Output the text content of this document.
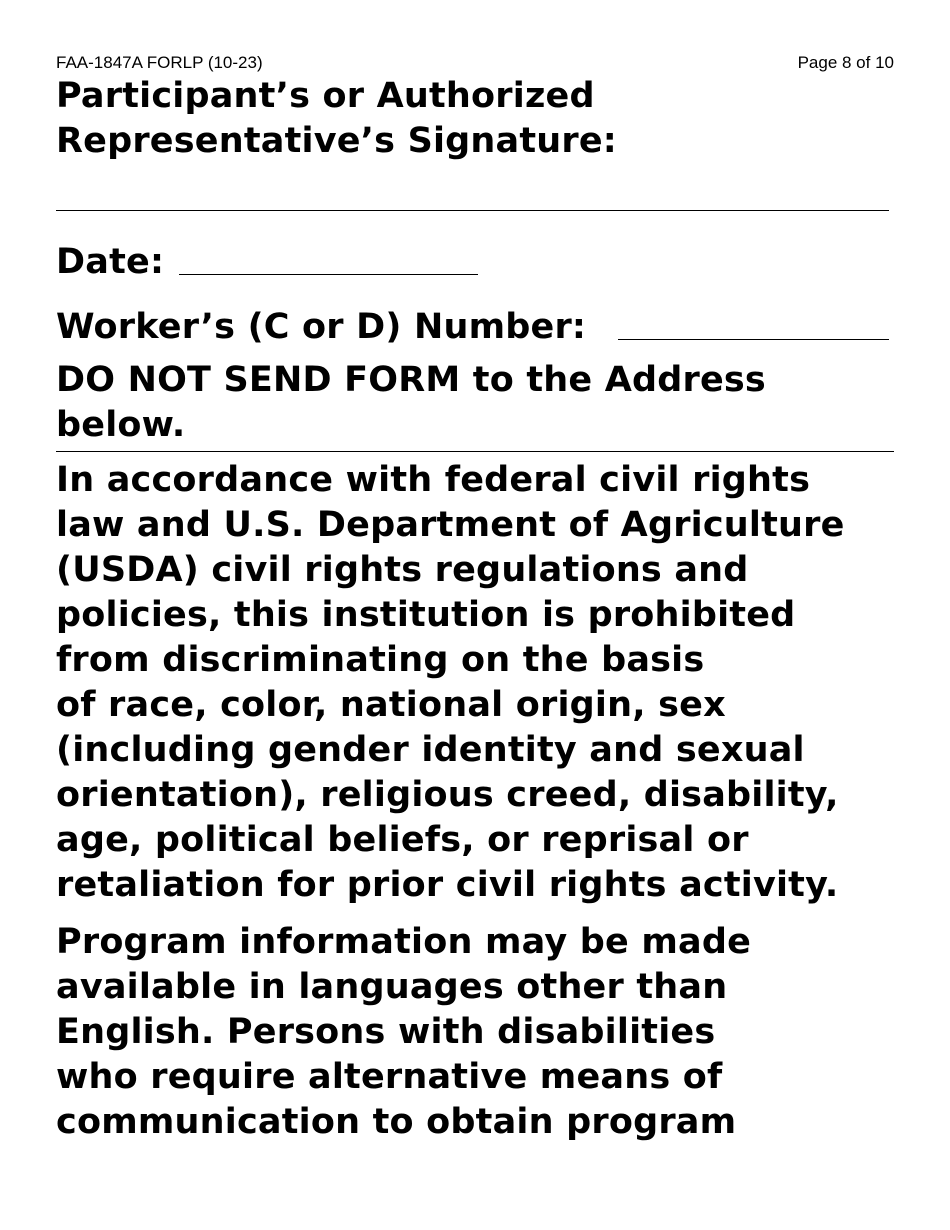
FAA-1847A FORLP (10-23)	Page 8 of 10
Participant’s or Authorized
Representative’s Signature:
Date:
Worker’s (C or D) Number:
DO NOT SEND FORM to the Address
below.
In accordance with federal civil rights
law and U.S. Department of Agriculture
(USDA) civil rights regulations and
policies, this institution is prohibited
from discriminating on the basis
of race, color, national origin, sex
(including gender identity and sexual
orientation), religious creed, disability,
age, political beliefs, or reprisal or
retaliation for prior civil rights activity.
Program information may be made
available in languages other than
English. Persons with disabilities
who require alternative means of
communication to obtain program
